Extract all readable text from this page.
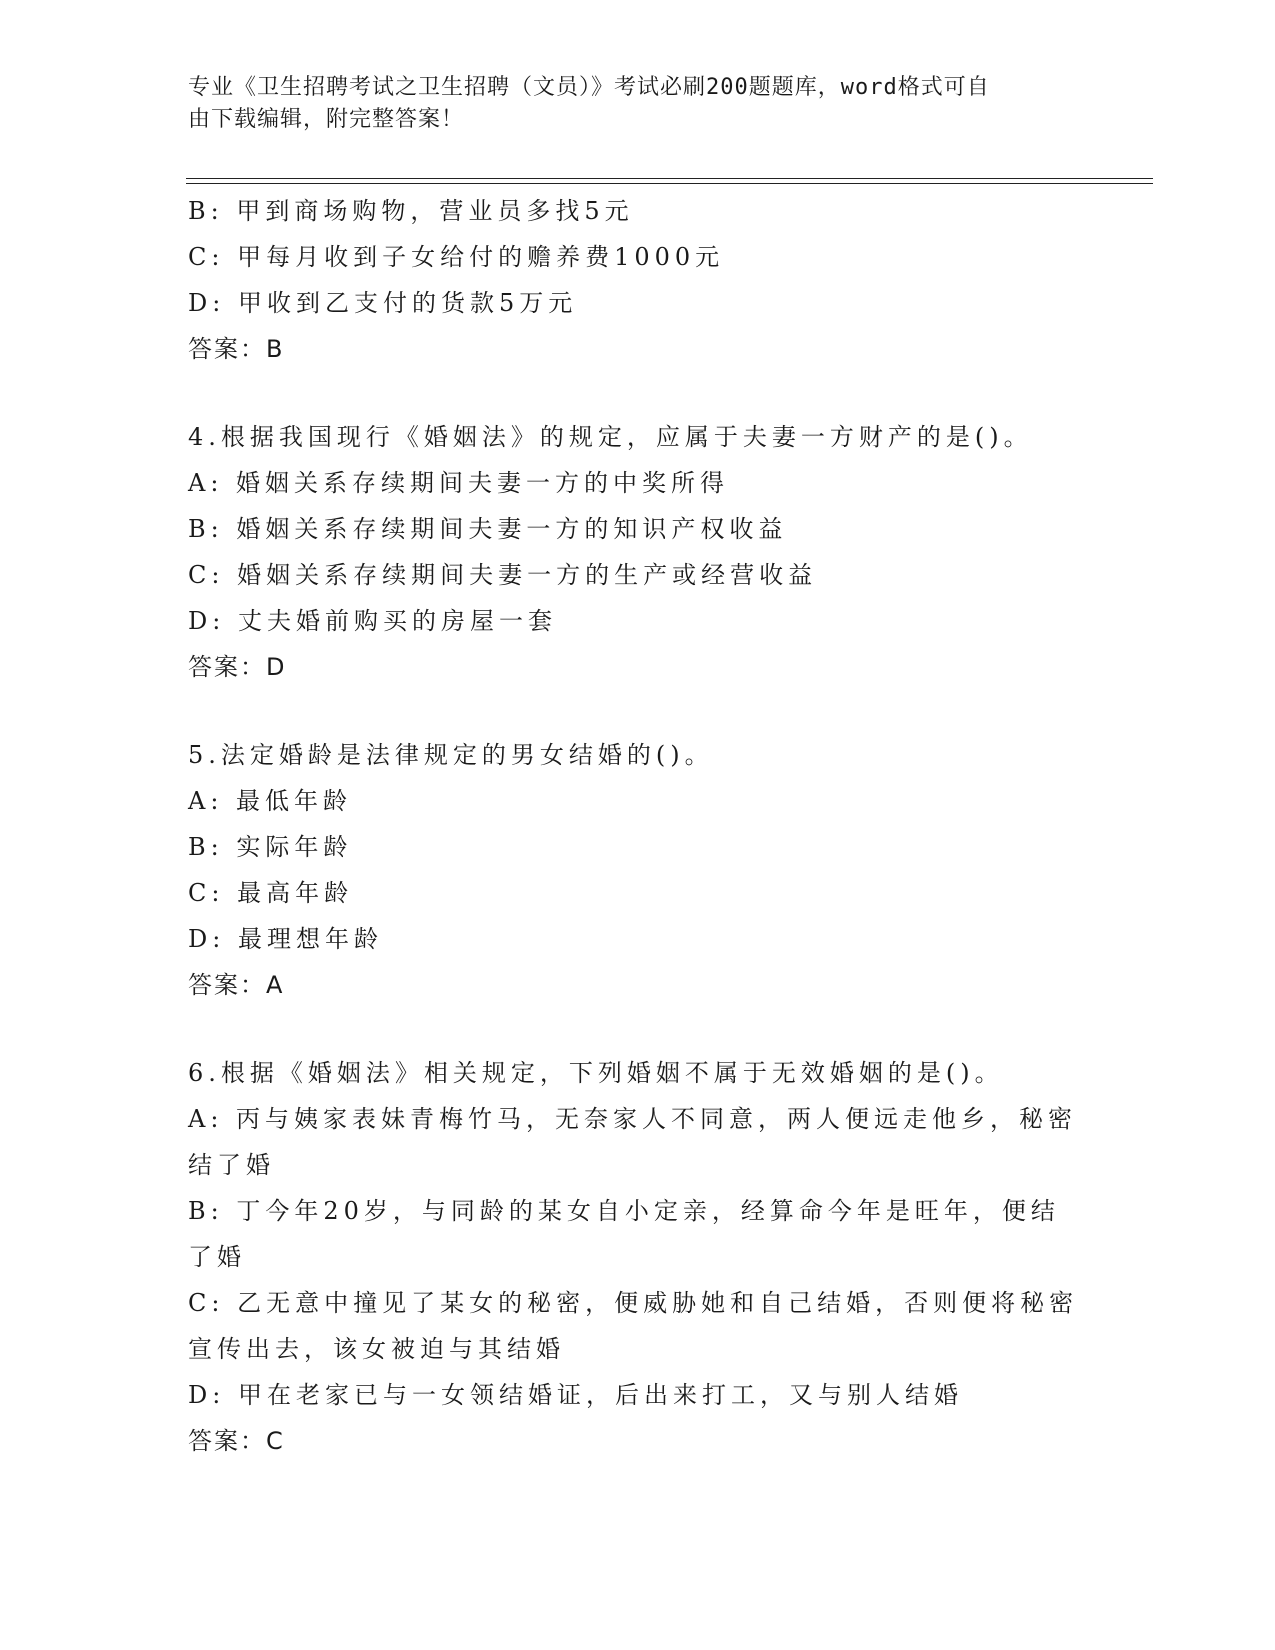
专业《卫生招聘考试之卫生招聘（文员）》考试必刷200题题库，word格式可自
由下载编辑，附完整答案！
B: 甲到商场购物，营业员多找5元
C: 甲每月收到子女给付的赡养费1000元
D: 甲收到乙支付的货款5万元
答案：B
4.根据我国现行《婚姻法》的规定，应属于夫妻一方财产的是()。
A: 婚姻关系存续期间夫妻一方的中奖所得
B: 婚姻关系存续期间夫妻一方的知识产权收益
C: 婚姻关系存续期间夫妻一方的生产或经营收益
D: 丈夫婚前购买的房屋一套
答案：D
5.法定婚龄是法律规定的男女结婚的()。
A: 最低年龄
B: 实际年龄
C: 最高年龄
D: 最理想年龄
答案：A
6.根据《婚姻法》相关规定，下列婚姻不属于无效婚姻的是()。
A: 丙与姨家表妹青梅竹马，无奈家人不同意，两人便远走他乡，秘密
结了婚
B: 丁今年20岁，与同龄的某女自小定亲，经算命今年是旺年，便结
了婚
C: 乙无意中撞见了某女的秘密，便威胁她和自己结婚，否则便将秘密
宣传出去，该女被迫与其结婚
D: 甲在老家已与一女领结婚证，后出来打工，又与别人结婚
答案：C
